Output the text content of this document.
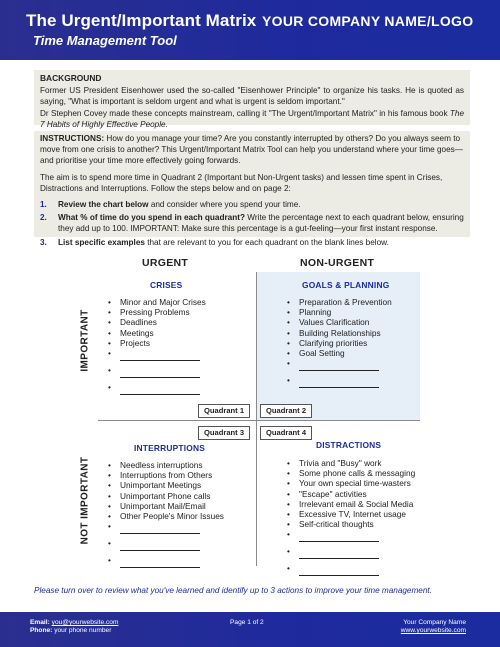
The Urgent/Important Matrix
Time Management Tool
YOUR COMPANY NAME/LOGO
BACKGROUND

Former US President Eisenhower used the so-called "Eisenhower Principle" to organize his tasks. He is quoted as saying, "What is important is seldom urgent and what is urgent is seldom important."

Dr Stephen Covey made these concepts mainstream, calling it "The Urgent/Important Matrix" in his famous book The 7 Habits of Highly Effective People.

INSTRUCTIONS: How do you manage your time? Are you constantly interrupted by others? Do you always seem to move from one crisis to another? This Urgent/Important Matrix Tool can help you understand where your time goes—and prioritise your time more effectively going forwards.

The aim is to spend more time in Quadrant 2 (Important but Non-Urgent tasks) and lessen time spent in Crises, Distractions and Interruptions. Follow the steps below and on page 2:

1. Review the chart below and consider where you spend your time.
2. What % of time do you spend in each quadrant? Write the percentage next to each quadrant below, ensuring they add up to 100. IMPORTANT: Make sure this percentage is a gut-feeling—your first instant response.
3. List specific examples that are relevant to you for each quadrant on the blank lines below.
URGENT	NON-URGENT
IMPORTANT
NOT IMPORTANT
CRISES
• Minor and Major Crises
• Pressing Problems
• Deadlines
• Meetings
• Projects
•
•
•
Quadrant 1
GOALS & PLANNING
• Preparation & Prevention
• Planning
• Values Clarification
• Building Relationships
• Clarifying priorities
• Goal Setting
•
•
Quadrant 2
Quadrant 3
INTERRUPTIONS
• Needless interruptions
• Interruptions from Others
• Unimportant Meetings
• Unimportant Phone calls
• Unimportant Mail/Email
• Other People's Minor Issues
•
•
•
Quadrant 4
DISTRACTIONS
• Trivia and "Busy" work
• Some phone calls & messaging
• Your own special time-wasters
• "Escape" activities
• Irrelevant email & Social Media
• Excessive TV, Internet usage
• Self-critical thoughts
•
•
•
Please turn over to review what you've learned and identify up to 3 actions to improve your time management.
Email: you@yourwebsite.com
Phone: your phone number
Page 1 of 2	Your Company Name
www.yourwebsite.com
